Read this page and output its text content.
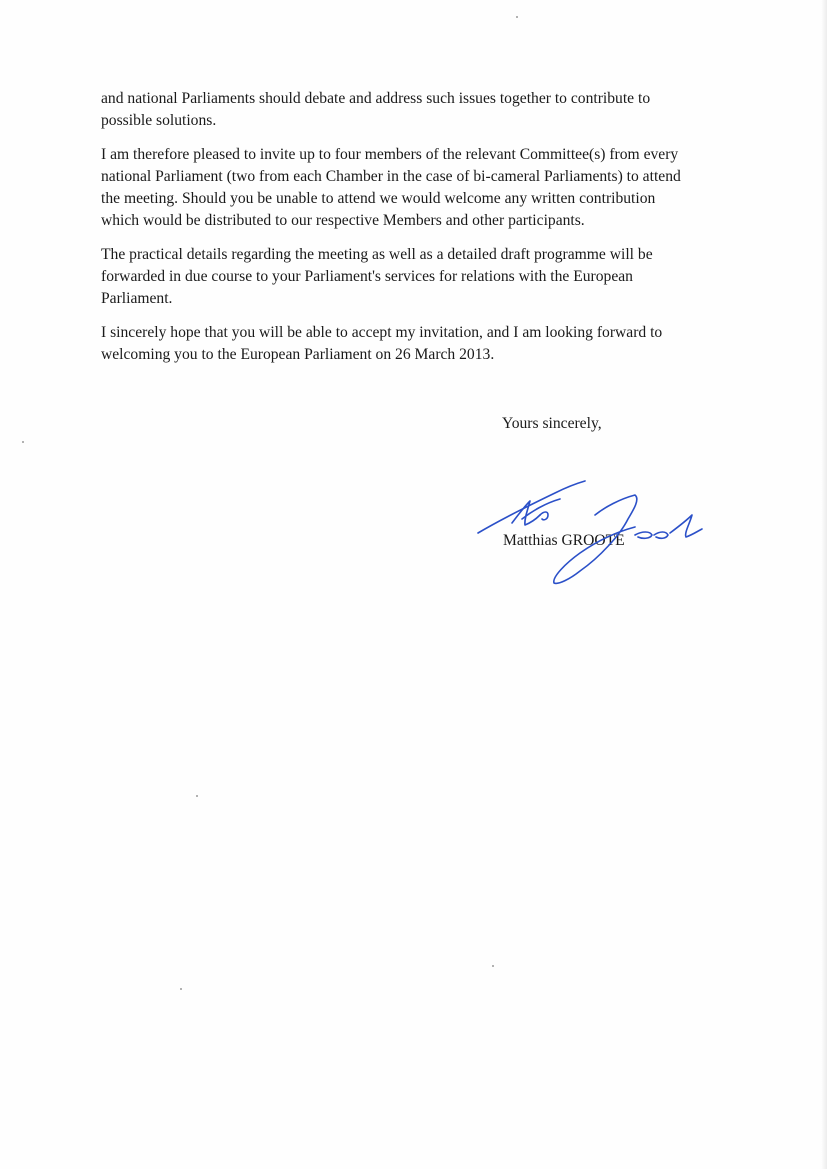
and national Parliaments should debate and address such issues together to contribute to
possible solutions.

I am therefore pleased to invite up to four members of the relevant Committee(s) from every
national Parliament (two from each Chamber in the case of bi-cameral Parliaments) to attend
the meeting. Should you be unable to attend we would welcome any written contribution
which would be distributed to our respective Members and other participants.

The practical details regarding the meeting as well as a detailed draft programme will be
forwarded in due course to your Parliament's services for relations with the European
Parliament.

I sincerely hope that you will be able to accept my invitation, and I am looking forward to
welcoming you to the European Parliament on 26 March 2013.

Yours sincerely,
Matthias GROOTE
